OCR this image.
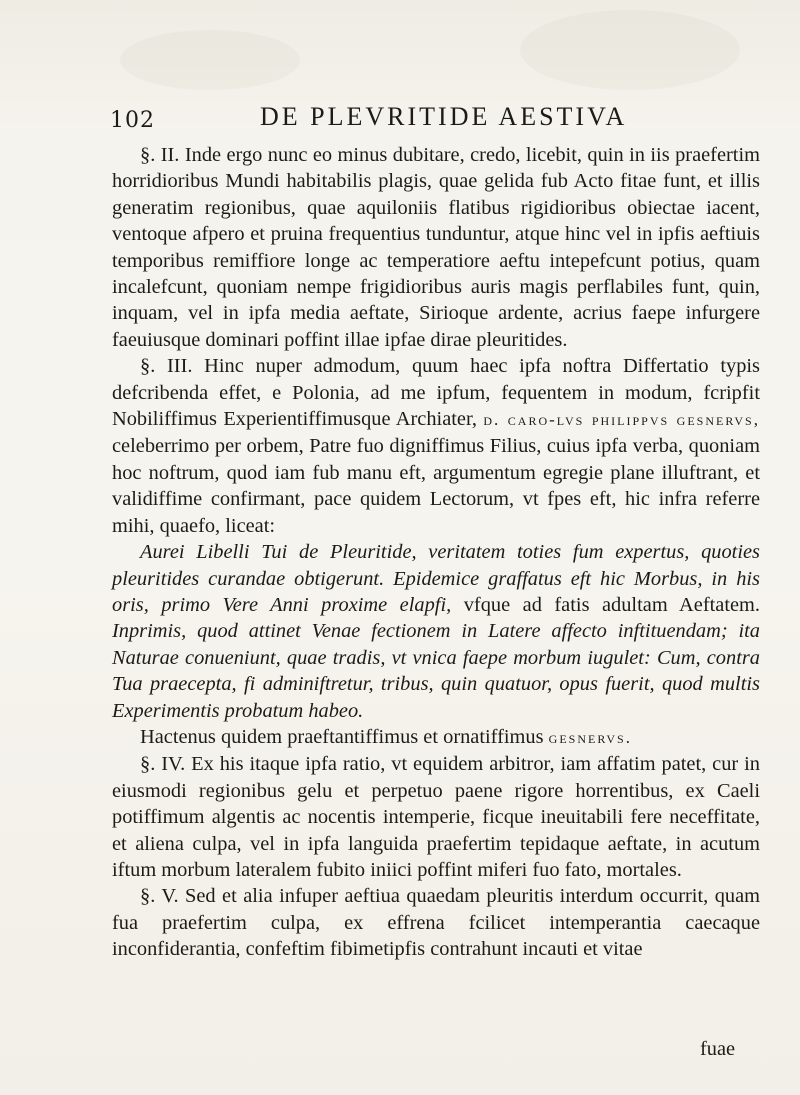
102	DE PLEVRITIDE AESTIVA

§. II. Inde ergo nunc eo minus dubitare, credo, licebit, quin in iis praefertim horridioribus Mundi habitabilis plagis, quae gelida fub Acto fitae funt, et illis generatim regionibus, quae aquiloniis flatibus rigidioribus obiectae iacent, ventoque afpero et pruina frequentius tunduntur, atque hinc vel in ipfis aeftiuis temporibus remiffiore longe ac temperatiore aeftu intepefcunt potius, quam incalefcunt, quoniam nempe frigidioribus auris magis perflabiles funt, quin, inquam, vel in ipfa media aeftate, Sirioque ardente, acrius faepe infurgere faeuiusque dominari poffint illae ipfae dirae pleuritides.

§. III. Hinc nuper admodum, quum haec ipfa noftra Differtatio typis defcribenda effet, e Polonia, ad me ipfum, fequentem in modum, fcripfit Nobiliffimus Experientiffimusque Archiater, d. caro-lvs philippvs gesnervs, celeberrimo per orbem, Patre fuo digniffimus Filius, cuius ipfa verba, quoniam hoc noftrum, quod iam fub manu eft, argumentum egregie plane illuftrant, et validiffime confirmant, pace quidem Lectorum, vt fpes eft, hic infra referre mihi, quaefo, liceat:

Aurei Libelli Tui de Pleuritide, veritatem toties fum expertus, quoties pleuritides curandae obtigerunt. Epidemice graffatus eft hic Morbus, in his oris, primo Vere Anni proxime elapfi, vfque ad fatis adultam Aeftatem. Inprimis, quod attinet Venae fectionem in Latere affecto inftituendam; ita Naturae conueniunt, quae tradis, vt vnica faepe morbum iugulet: Cum, contra Tua praecepta, fi adminiftretur, tribus, quin quatuor, opus fuerit, quod multis Experimentis probatum habeo.

Hactenus quidem praeftantiffimus et ornatiffimus gesnervs.

§. IV. Ex his itaque ipfa ratio, vt equidem arbitror, iam affatim patet, cur in eiusmodi regionibus gelu et perpetuo paene rigore horrentibus, ex Caeli potiffimum algentis ac nocentis intemperie, ficque ineuitabili fere neceffitate, et aliena culpa, vel in ipfa languida praefertim tepidaque aeftate, in acutum iftum morbum lateralem fubito iniici poffint miferi fuo fato, mortales.

§. V. Sed et alia infuper aeftiua quaedam pleuritis interdum occurrit, quam fua praefertim culpa, ex effrena fcilicet intemperantia caecaque inconfiderantia, confeftim fibimetipfis contrahunt incauti et vitae

fuae
